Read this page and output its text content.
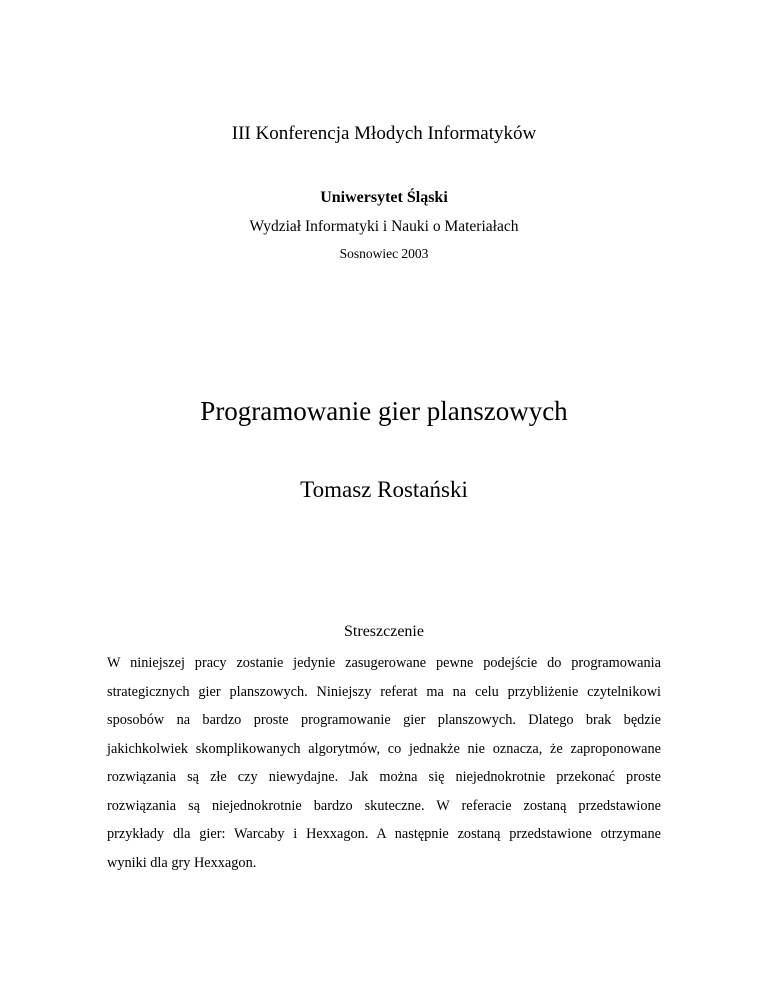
III Konferencja Młodych Informatyków
Uniwersytet Śląski
Wydział Informatyki i Nauki o Materiałach
Sosnowiec 2003
Programowanie gier planszowych
Tomasz Rostański
Streszczenie
W niniejszej pracy zostanie jedynie zasugerowane pewne podejście do programowania
strategicznych gier planszowych. Niniejszy referat ma na celu przybliżenie czytelnikowi
sposobów na bardzo proste programowanie gier planszowych. Dlatego brak będzie
jakichkolwiek skomplikowanych algorytmów, co jednakże nie oznacza, że zaproponowane
rozwiązania są złe czy niewydajne. Jak można się niejednokrotnie przekonać proste
rozwiązania są niejednokrotnie bardzo skuteczne. W referacie zostaną przedstawione
przykłady dla gier: Warcaby i Hexxagon. A następnie zostaną przedstawione otrzymane
wyniki dla gry Hexxagon.
